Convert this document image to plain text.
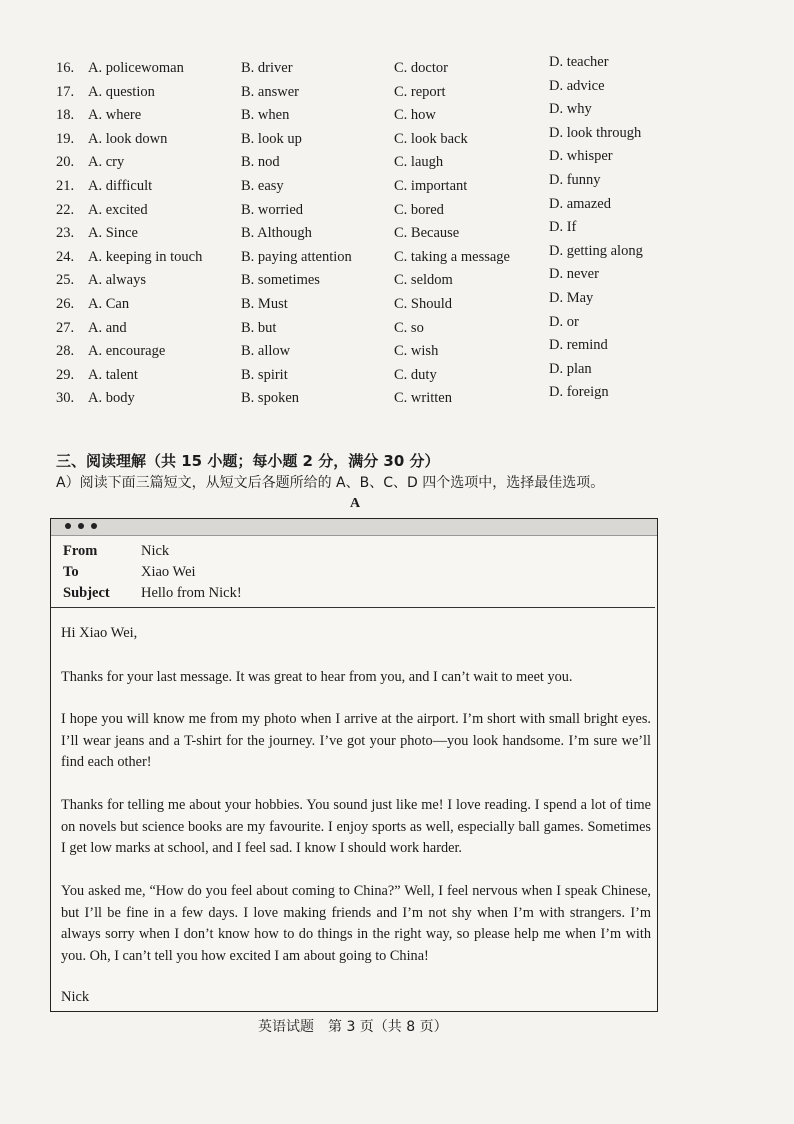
16. A. policewoman	B. driver	C. doctor	D. teacher
17. A. question	B. answer	C. report	D. advice
18. A. where	B. when	C. how	D. why
19. A. look down	B. look up	C. look back	D. look through
20. A. cry	B. nod	C. laugh	D. whisper
21. A. difficult	B. easy	C. important	D. funny
22. A. excited	B. worried	C. bored	D. amazed
23. A. Since	B. Although	C. Because	D. If
24. A. keeping in touch	B. paying attention	C. taking a message	D. getting along
25. A. always	B. sometimes	C. seldom	D. never
26. A. Can	B. Must	C. Should	D. May
27. A. and	B. but	C. so	D. or
28. A. encourage	B. allow	C. wish	D. remind
29. A. talent	B. spirit	C. duty	D. plan
30. A. body	B. spoken	C. written	D. foreign
三、阅读理解（共 15 小题；每小题 2 分，满分 30 分）
A）阅读下面三篇短文，从短文后各题所给的 A、B、C、D 四个选项中，选择最佳选项。
A
From	Nick
To	Xiao Wei
Subject Hello from Nick!
Hi Xiao Wei,

Thanks for your last message. It was great to hear from you, and I can’t wait to meet you.

I hope you will know me from my photo when I arrive at the airport. I’m short with small bright eyes. I’ll wear jeans and a T-shirt for the journey. I’ve got your photo—you look handsome. I’m sure we’ll find each other!

Thanks for telling me about your hobbies. You sound just like me! I love reading. I spend a lot of time on novels but science books are my favourite. I enjoy sports as well, especially ball games. Sometimes I get low marks at school, and I feel sad. I know I should work harder.

You asked me, “How do you feel about coming to China?” Well, I feel nervous when I speak Chinese, but I’ll be fine in a few days. I love making friends and I’m not shy when I’m with strangers. I’m always sorry when I don’t know how to do things in the right way, so please help me when I’m with you. Oh, I can’t tell you how excited I am about going to China!

Nick
英语试题　第 3 页（共 8 页）
